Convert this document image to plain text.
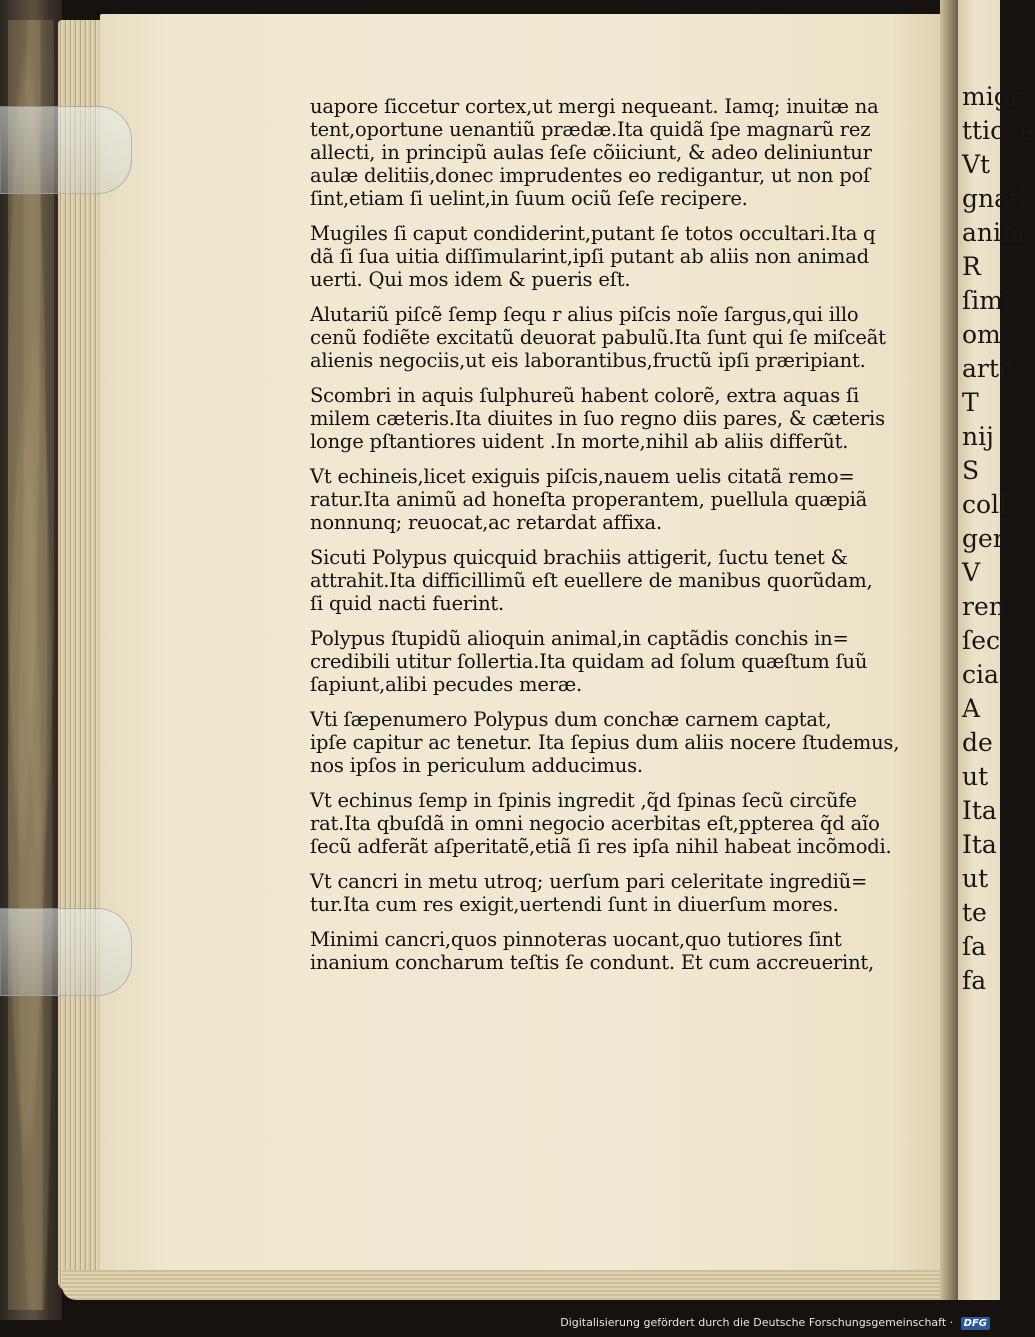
migr
ttic le
Vt
gnati
anim
R
ſimi
om
arte
T
nij
S
coll
ger
V
ren
ſec
cia
A
de
ut
Ita
Ita
ut
te
ſa
fa
uapore ſiccetur cortex,ut mergi nequeant. Iamq; inuitæ na
tent,oportune uenantiũ prædæ.Ita quidã ſpe magnarũ rez
allecti, in principũ aulas ſeſe cõiiciunt, & adeo deliniuntur
aulæ delitiis,donec imprudentes eo redigantur, ut non poſ
ſint,etiam ſi uelint,in ſuum ociũ ſeſe recipere.
Mugiles ſi caput condiderint,putant ſe totos occultari.Ita q
dã ſi ſua uitia diſſimularint,ipſi putant ab aliis non animad
uerti. Qui mos idem & pueris eſt.
Alutariũ piſcẽ ſemp ſequ r alius piſcis noĩe ſargus,qui illo
cenũ fodiẽte excitatũ deuorat pabulũ.Ita ſunt qui ſe miſceãt
alienis negociis,ut eis laborantibus,fructũ ipſi præripiant.
Scombri in aquis ſulphureũ habent colorẽ, extra aquas ſi
milem cæteris.Ita diuites in ſuo regno diis pares, & cæteris
longe pſtantiores uident .In morte,nihil ab aliis differũt.
Vt echineis,licet exiguis piſcis,nauem uelis citatã remo=
ratur.Ita animũ ad honeſta properantem, puellula quæpiã
nonnunq; reuocat,ac retardat affixa.
Sicuti Polypus quicquid brachiis attigerit, ſuctu tenet &
attrahit.Ita difficillimũ eſt euellere de manibus quorũdam,
ſi quid nacti fuerint.
Polypus ſtupidũ alioquin animal,in captãdis conchis in=
credibili utitur ſollertia.Ita quidam ad ſolum quæſtum ſuũ
ſapiunt,alibi pecudes meræ.
Vti ſæpenumero Polypus dum conchæ carnem captat,
ipſe capitur ac tenetur. Ita ſepius dum aliis nocere ſtudemus,
nos ipſos in periculum adducimus.
Vt echinus ſemp in ſpinis ingredit ,q̃d ſpinas ſecũ circũfe
rat.Ita qbuſdã in omni negocio acerbitas eſt,ppterea q̃d aĩo
ſecũ adferãt aſperitatẽ,etiã ſi res ipſa nihil habeat incõmodi.
Vt cancri in metu utroq; uerſum pari celeritate ingrediũ=
tur.Ita cum res exigit,uertendi ſunt in diuerſum mores.
Minimi cancri,quos pinnoteras uocant,quo tutiores ſint
inanium concharum teſtis ſe condunt. Et cum accreuerint,
Digitalisierung gefördert durch die Deutsche Forschungsgemeinschaft · DFG
